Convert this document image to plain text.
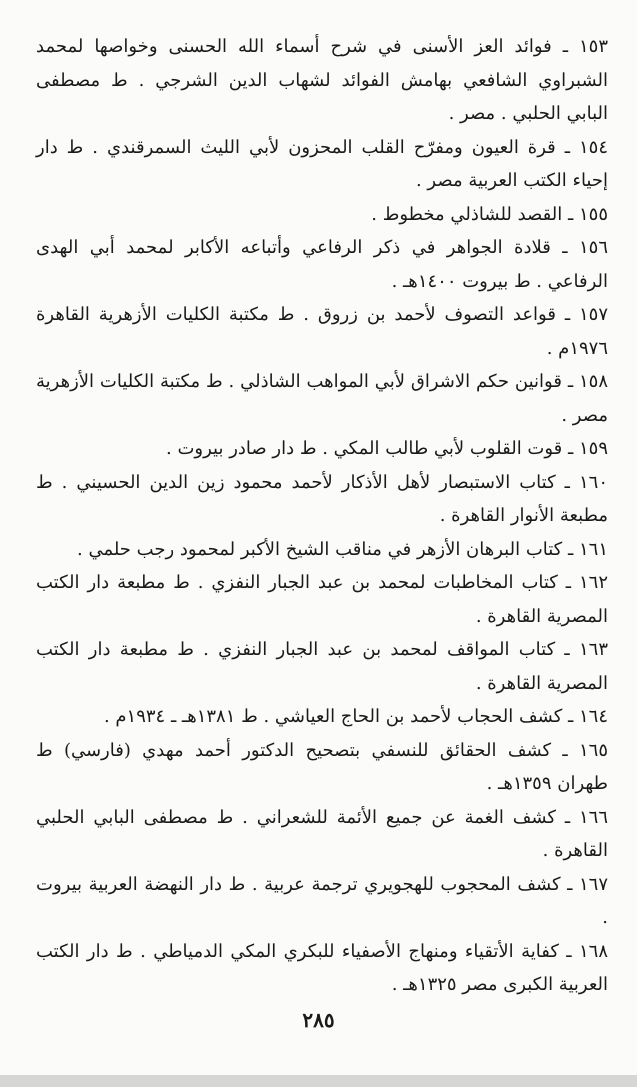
١٥٣ ـ فوائد العز الأسنى في شرح أسماء الله الحسنى وخواصها لمحمد الشبراوي الشافعي بهامش الفوائد لشهاب الدين الشرجي . ط مصطفى البابي الحلبي . مصر .

١٥٤ ـ قرة العيون ومفرّح القلب المحزون لأبي الليث السمرقندي . ط دار إحياء الكتب العربية مصر .

١٥٥ ـ القصد للشاذلي مخطوط .

١٥٦ ـ قلادة الجواهر في ذكر الرفاعي وأتباعه الأكابر لمحمد أبي الهدى الرفاعي . ط بيروت ١٤٠٠هـ .

١٥٧ ـ قواعد التصوف لأحمد بن زروق . ط مكتبة الكليات الأزهرية القاهرة ١٩٧٦م .

١٥٨ ـ قوانين حكم الاشراق لأبي المواهب الشاذلي . ط مكتبة الكليات الأزهرية مصر .

١٥٩ ـ قوت القلوب لأبي طالب المكي . ط دار صادر بيروت .

١٦٠ ـ كتاب الاستبصار لأهل الأذكار لأحمد محمود زين الدين الحسيني . ط مطبعة الأنوار القاهرة .

١٦١ ـ كتاب البرهان الأزهر في مناقب الشيخ الأكبر لمحمود رجب حلمي .

١٦٢ ـ كتاب المخاطبات لمحمد بن عبد الجبار النفزي . ط مطبعة دار الكتب المصرية القاهرة .

١٦٣ ـ كتاب المواقف لمحمد بن عبد الجبار النفزي . ط مطبعة دار الكتب المصرية القاهرة .

١٦٤ ـ كشف الحجاب لأحمد بن الحاج العياشي . ط ١٣٨١هـ ـ ١٩٣٤م .

١٦٥ ـ كشف الحقائق للنسفي بتصحيح الدكتور أحمد مهدي (فارسي) ط طهران ١٣٥٩هـ .

١٦٦ ـ كشف الغمة عن جميع الأئمة للشعراني . ط مصطفى البابي الحلبي القاهرة .

١٦٧ ـ كشف المحجوب للهجويري ترجمة عربية . ط دار النهضة العربية بيروت .

١٦٨ ـ كفاية الأتقياء ومنهاج الأصفياء للبكري المكي الدمياطي . ط دار الكتب العربية الكبرى مصر ١٣٢٥هـ .

٢٨٥
